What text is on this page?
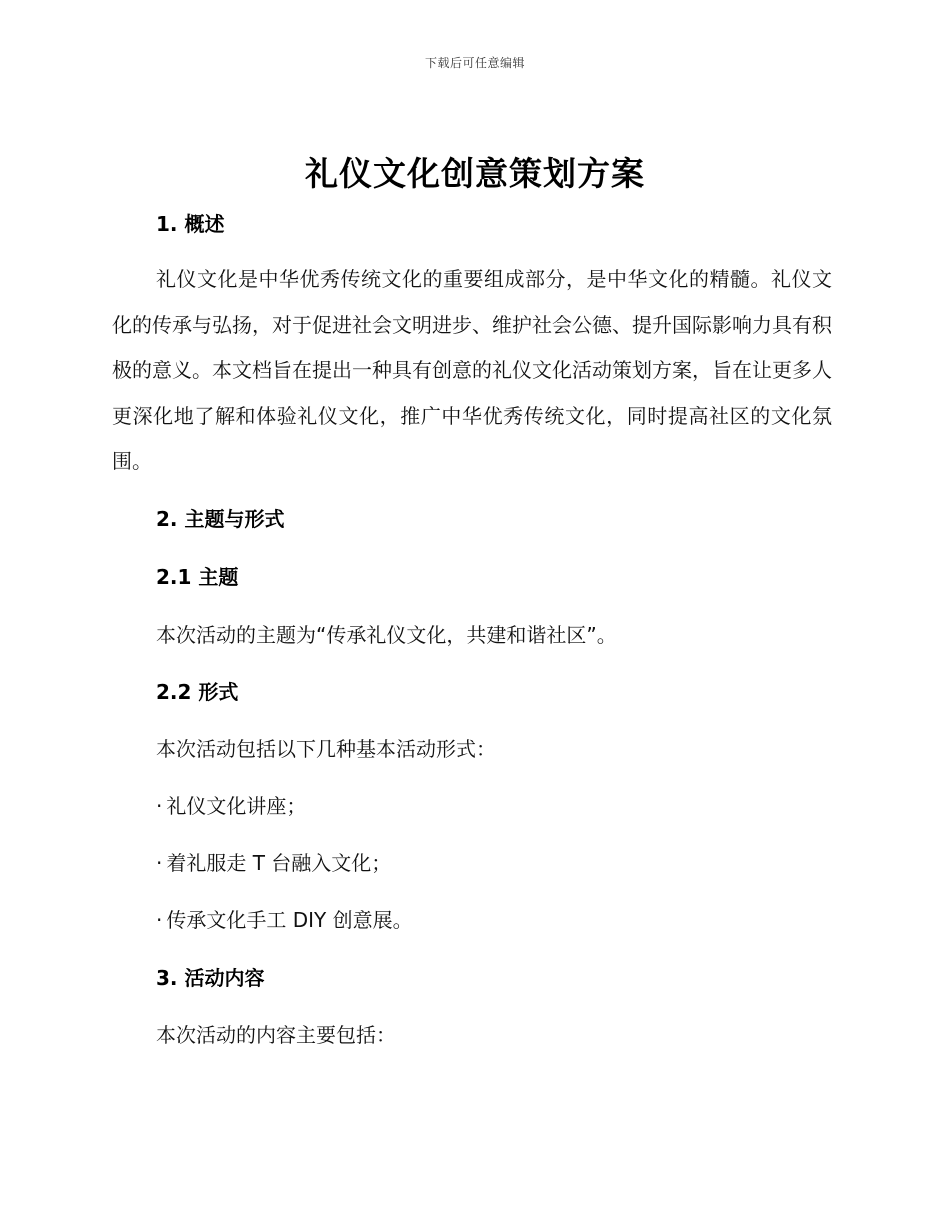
下载后可任意编辑
礼仪文化创意策划方案
1. 概述

礼仪文化是中华优秀传统文化的重要组成部分，是中华文化的精髓。礼仪文化的传承与弘扬，对于促进社会文明进步、维护社会公德、提升国际影响力具有积极的意义。本文档旨在提出一种具有创意的礼仪文化活动策划方案，旨在让更多人更深化地了解和体验礼仪文化，推广中华优秀传统文化，同时提高社区的文化氛围。

2. 主题与形式
2.1 主题
本次活动的主题为“传承礼仪文化，共建和谐社区”。
2.2 形式
本次活动包括以下几种基本活动形式：
· 礼仪文化讲座；
· 着礼服走 T 台融入文化；
· 传承文化手工 DIY 创意展。
3. 活动内容
本次活动的内容主要包括：
